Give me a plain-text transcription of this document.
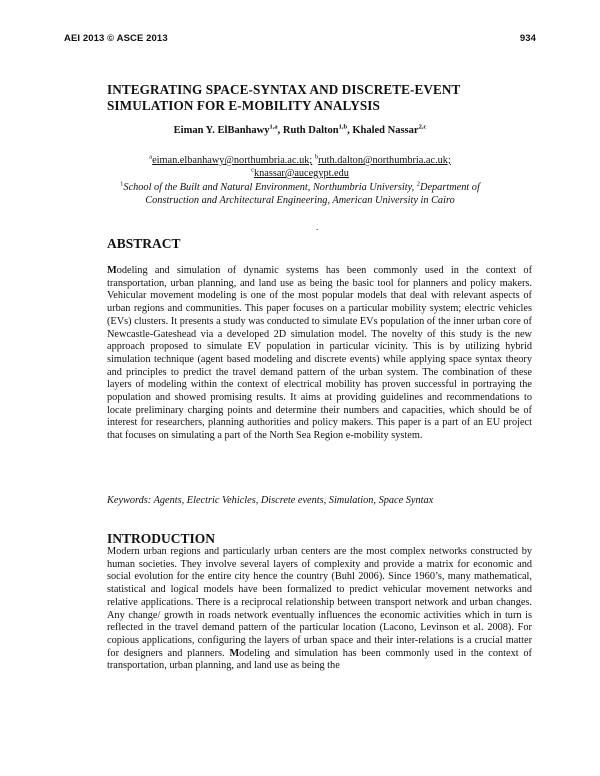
AEI 2013 © ASCE 2013	934
INTEGRATING SPACE-SYNTAX AND DISCRETE-EVENT
SIMULATION FOR E-MOBILITY ANALYSIS
Eiman Y. ElBanhawy$^{1,a}$, Ruth Dalton$^{1,b}$, Khaled Nassar$^{2,c}$
$^a$eiman.elbanhawy@northumbria.ac.uk; $^b$ruth.dalton@northumbria.ac.uk;
$^c$knassar@aucegypt.edu
$^1$School of the Built and Natural Environment, Northumbria University, $^2$Department of
Construction and Architectural Engineering, American University in Cairo
.
ABSTRACT
Modeling and simulation of dynamic systems has been commonly used in the context of transportation, urban planning, and land use as being the basic tool for planners and policy makers. Vehicular movement modeling is one of the most popular models that deal with relevant aspects of urban regions and communities. This paper focuses on a particular mobility system; electric vehicles (EVs) clusters. It presents a study was conducted to simulate EVs population of the inner urban core of Newcastle-Gateshead via a developed 2D simulation model. The novelty of this study is the new approach proposed to simulate EV population in particular vicinity. This is by utilizing hybrid simulation technique (agent based modeling and discrete events) while applying space syntax theory and principles to predict the travel demand pattern of the urban system. The combination of these layers of modeling within the context of electrical mobility has proven successful in portraying the population and showed promising results. It aims at providing guidelines and recommendations to locate preliminary charging points and determine their numbers and capacities, which should be of interest for researchers, planning authorities and policy makers. This paper is a part of an EU project that focuses on simulating a part of the North Sea Region e-mobility system.
Keywords: Agents, Electric Vehicles, Discrete events, Simulation, Space Syntax
INTRODUCTION
Modern urban regions and particularly urban centers are the most complex networks constructed by human societies. They involve several layers of complexity and provide a matrix for economic and social evolution for the entire city hence the country (Buhl 2006). Since 1960’s, many mathematical, statistical and logical models have been formalized to predict vehicular movement networks and relative applications. There is a reciprocal relationship between transport network and urban changes. Any change/ growth in roads network eventually influences the economic activities which in turn is reflected in the travel demand pattern of the particular location (Lacono, Levinson et al. 2008). For copious applications, configuring the layers of urban space and their inter-relations is a crucial matter for designers and planners. Modeling and simulation has been commonly used in the context of transportation, urban planning, and land use as being the
